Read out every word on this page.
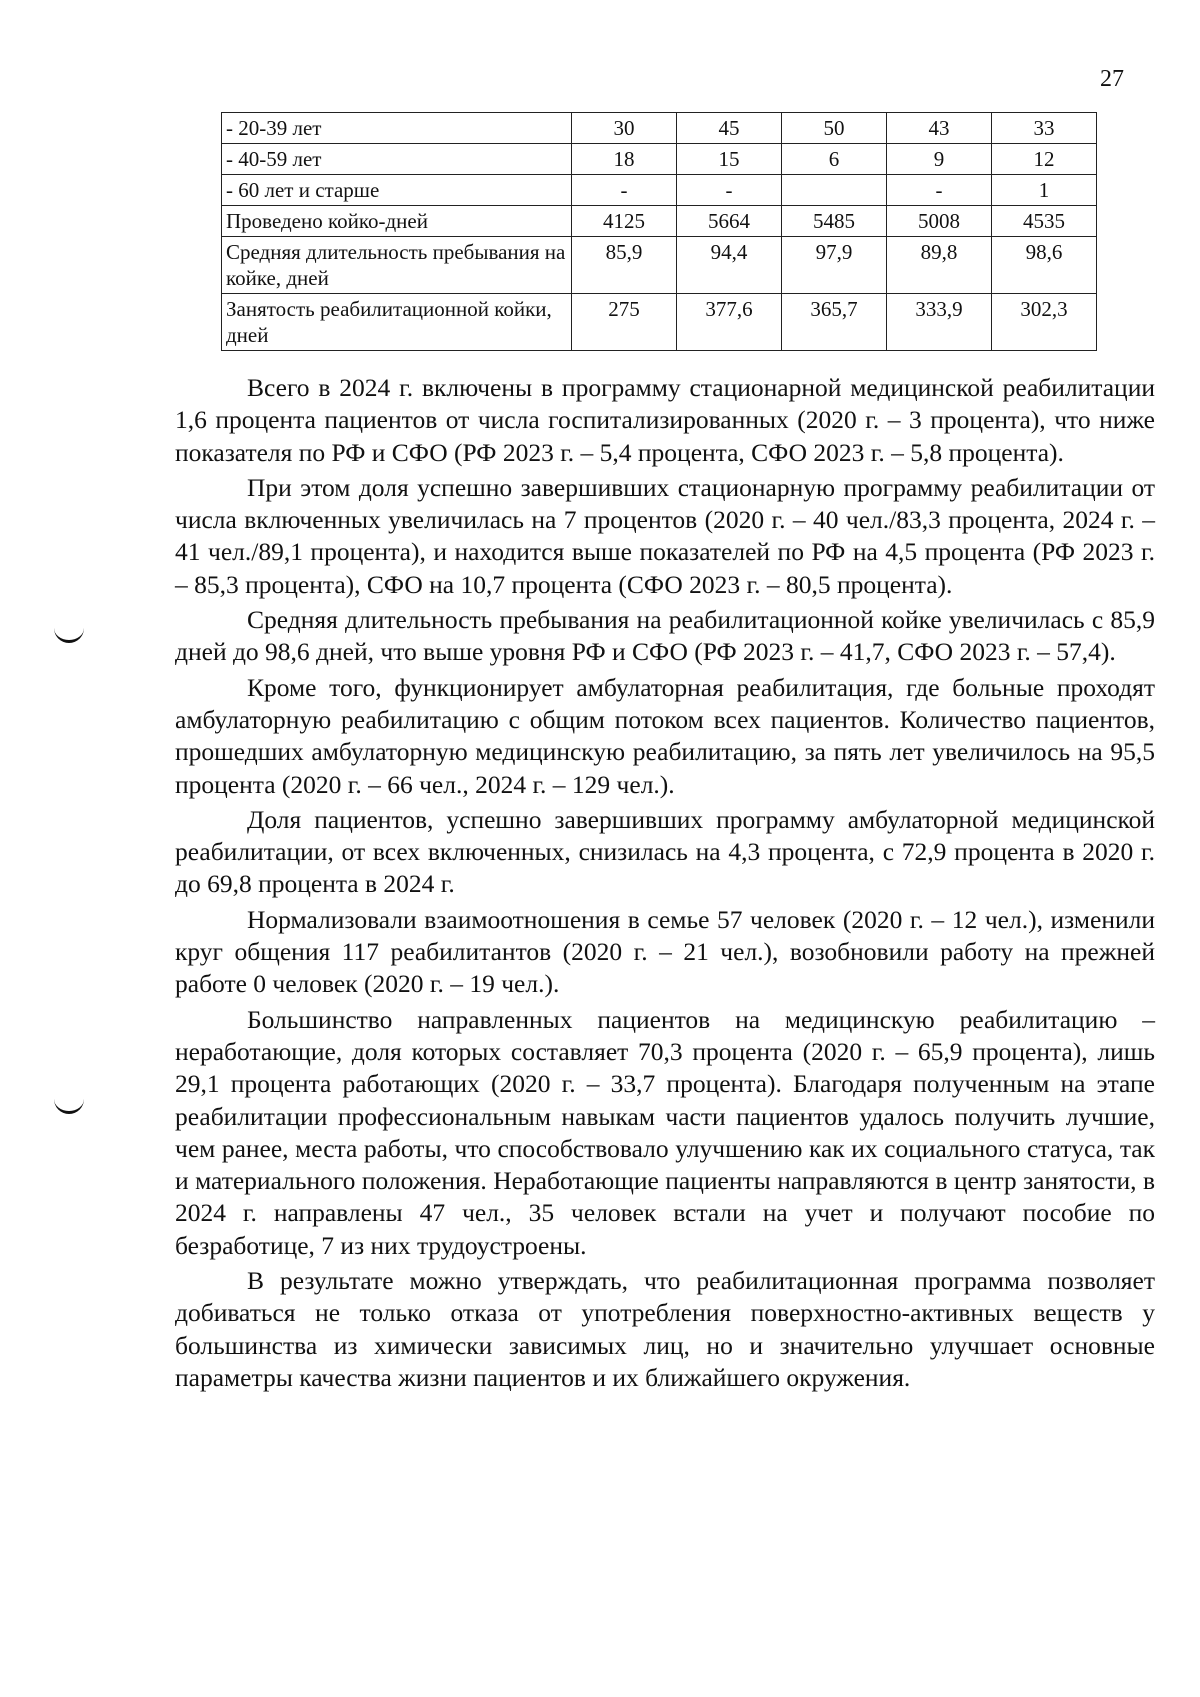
27
- 20-39 лет	30	45	50	43	33
- 40-59 лет	18	15	6	9	12
- 60 лет и старше	-	-		-	1
Проведено койко-дней	4125	5664	5485	5008	4535
Средняя длительность пребывания на койке, дней	85,9	94,4	97,9	89,8	98,6
Занятость реабилитационной койки, дней	275	377,6	365,7	333,9	302,3

Всего в 2024 г. включены в программу стационарной медицинской реабилитации 1,6 процента пациентов от числа госпитализированных (2020 г. – 3 процента), что ниже показателя по РФ и СФО (РФ 2023 г. – 5,4 процента, СФО 2023 г. – 5,8 процента).

При этом доля успешно завершивших стационарную программу реабилитации от числа включенных увеличилась на 7 процентов (2020 г. – 40 чел./83,3 процента, 2024 г. – 41 чел./89,1 процента), и находится выше показателей по РФ на 4,5 процента (РФ 2023 г. – 85,3 процента), СФО на 10,7 процента (СФО 2023 г. – 80,5 процента).

Средняя длительность пребывания на реабилитационной койке увеличилась с 85,9 дней до 98,6 дней, что выше уровня РФ и СФО (РФ 2023 г. – 41,7, СФО 2023 г. – 57,4).

Кроме того, функционирует амбулаторная реабилитация, где больные проходят амбулаторную реабилитацию с общим потоком всех пациентов. Количество пациентов, прошедших амбулаторную медицинскую реабилитацию, за пять лет увеличилось на 95,5 процента (2020 г. – 66 чел., 2024 г. – 129 чел.).

Доля пациентов, успешно завершивших программу амбулаторной медицинской реабилитации, от всех включенных, снизилась на 4,3 процента, с 72,9 процента в 2020 г. до 69,8 процента в 2024 г.

Нормализовали взаимоотношения в семье 57 человек (2020 г. – 12 чел.), изменили круг общения 117 реабилитантов (2020 г. – 21 чел.), возобновили работу на прежней работе 0 человек (2020 г. – 19 чел.).

Большинство направленных пациентов на медицинскую реабилитацию – неработающие, доля которых составляет 70,3 процента (2020 г. – 65,9 процента), лишь 29,1 процента работающих (2020 г. – 33,7 процента). Благодаря полученным на этапе реабилитации профессиональным навыкам части пациентов удалось получить лучшие, чем ранее, места работы, что способствовало улучшению как их социального статуса, так и материального положения. Неработающие пациенты направляются в центр занятости, в 2024 г. направлены 47 чел., 35 человек встали на учет и получают пособие по безработице, 7 из них трудоустроены.

В результате можно утверждать, что реабилитационная программа позволяет добиваться не только отказа от употребления поверхностно-активных веществ у большинства из химически зависимых лиц, но и значительно улучшает основные параметры качества жизни пациентов и их ближайшего окружения.
